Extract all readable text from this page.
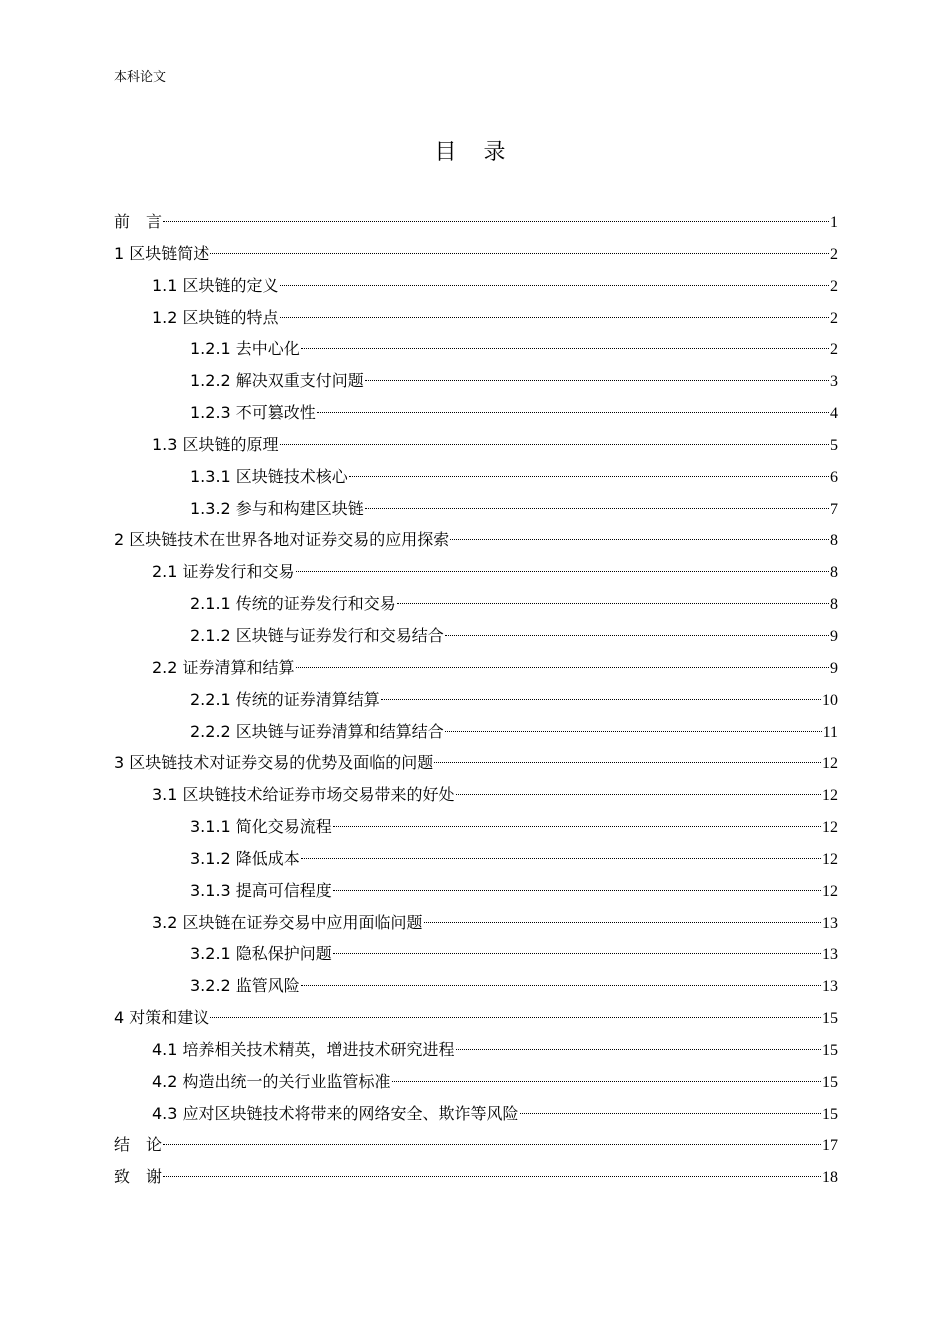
本科论文
目 录
前　言	1
1 区块链简述	2
1.1 区块链的定义	2
1.2 区块链的特点	2
1.2.1 去中心化	2
1.2.2 解决双重支付问题	3
1.2.3 不可篡改性	4
1.3 区块链的原理	5
1.3.1 区块链技术核心	6
1.3.2 参与和构建区块链	7
2 区块链技术在世界各地对证券交易的应用探索	8
2.1 证券发行和交易	8
2.1.1 传统的证券发行和交易	8
2.1.2 区块链与证券发行和交易结合	9
2.2 证券清算和结算	9
2.2.1 传统的证券清算结算	10
2.2.2 区块链与证券清算和结算结合	11
3 区块链技术对证券交易的优势及面临的问题	12
3.1 区块链技术给证券市场交易带来的好处	12
3.1.1 简化交易流程	12
3.1.2 降低成本	12
3.1.3 提高可信程度	12
3.2 区块链在证券交易中应用面临问题	13
3.2.1 隐私保护问题	13
3.2.2 监管风险	13
4 对策和建议	15
4.1 培养相关技术精英，增进技术研究进程	15
4.2 构造出统一的关行业监管标准	15
4.3 应对区块链技术将带来的网络安全、欺诈等风险	15
结　论	17
致　谢	18
